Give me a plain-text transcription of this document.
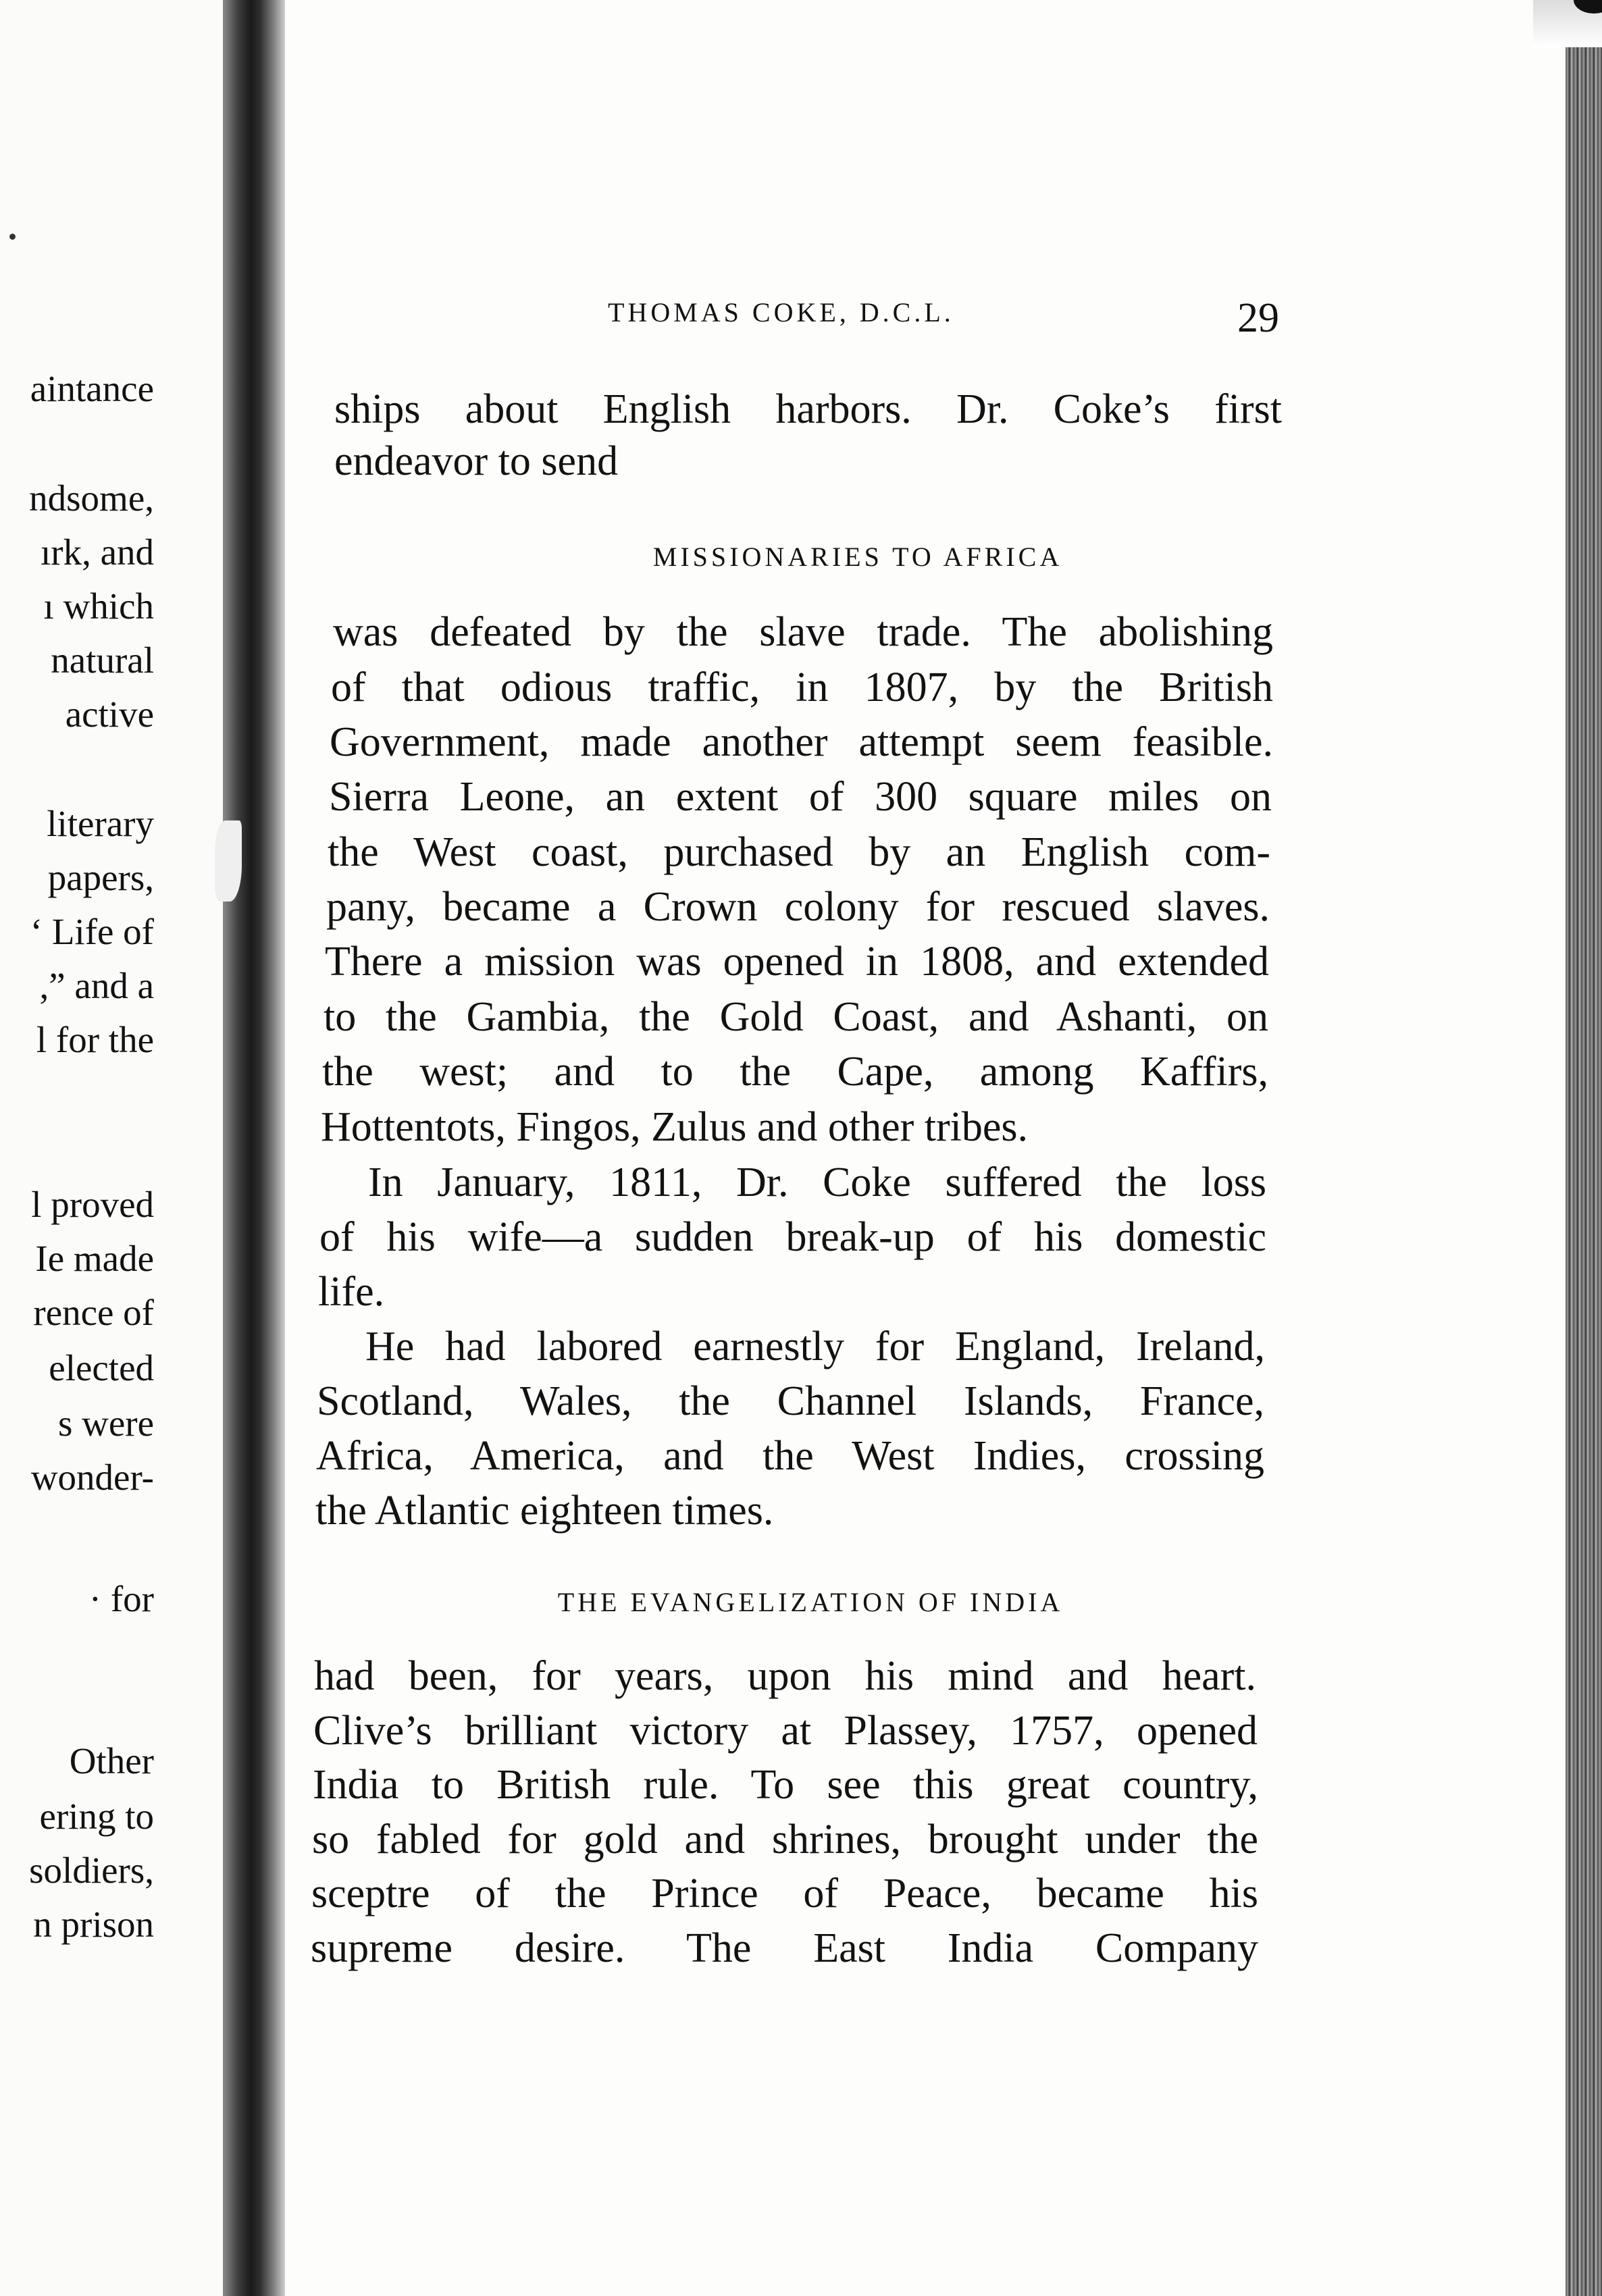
aintance
ndsome,
ırk, and
ı which
natural
active
literary
papers,
‘ Life of
,” and a
l for the
l proved
Ie made
rence of
elected
s were
wonder-
· for
Other
ering to
soldiers,
n prison
THOMAS COKE, D.C.L.	29
ships about English harbors. Dr. Coke’s first
endeavor to send
MISSIONARIES TO AFRICA
was defeated by the slave trade. The abolishing
of that odious traffic, in 1807, by the British
Government, made another attempt seem feasible.
Sierra Leone, an extent of 300 square miles on
the West coast, purchased by an English com-
pany, became a Crown colony for rescued slaves.
There a mission was opened in 1808, and extended
to the Gambia, the Gold Coast, and Ashanti, on
the west; and to the Cape, among Kaffirs,
Hottentots, Fingos, Zulus and other tribes.
In January, 1811, Dr. Coke suffered the loss
of his wife—a sudden break-up of his domestic
life.
He had labored earnestly for England, Ireland,
Scotland, Wales, the Channel Islands, France,
Africa, America, and the West Indies, crossing
the Atlantic eighteen times.
THE EVANGELIZATION OF INDIA
had been, for years, upon his mind and heart.
Clive’s brilliant victory at Plassey, 1757, opened
India to British rule. To see this great country,
so fabled for gold and shrines, brought under the
sceptre of the Prince of Peace, became his
supreme desire. The East India Company
